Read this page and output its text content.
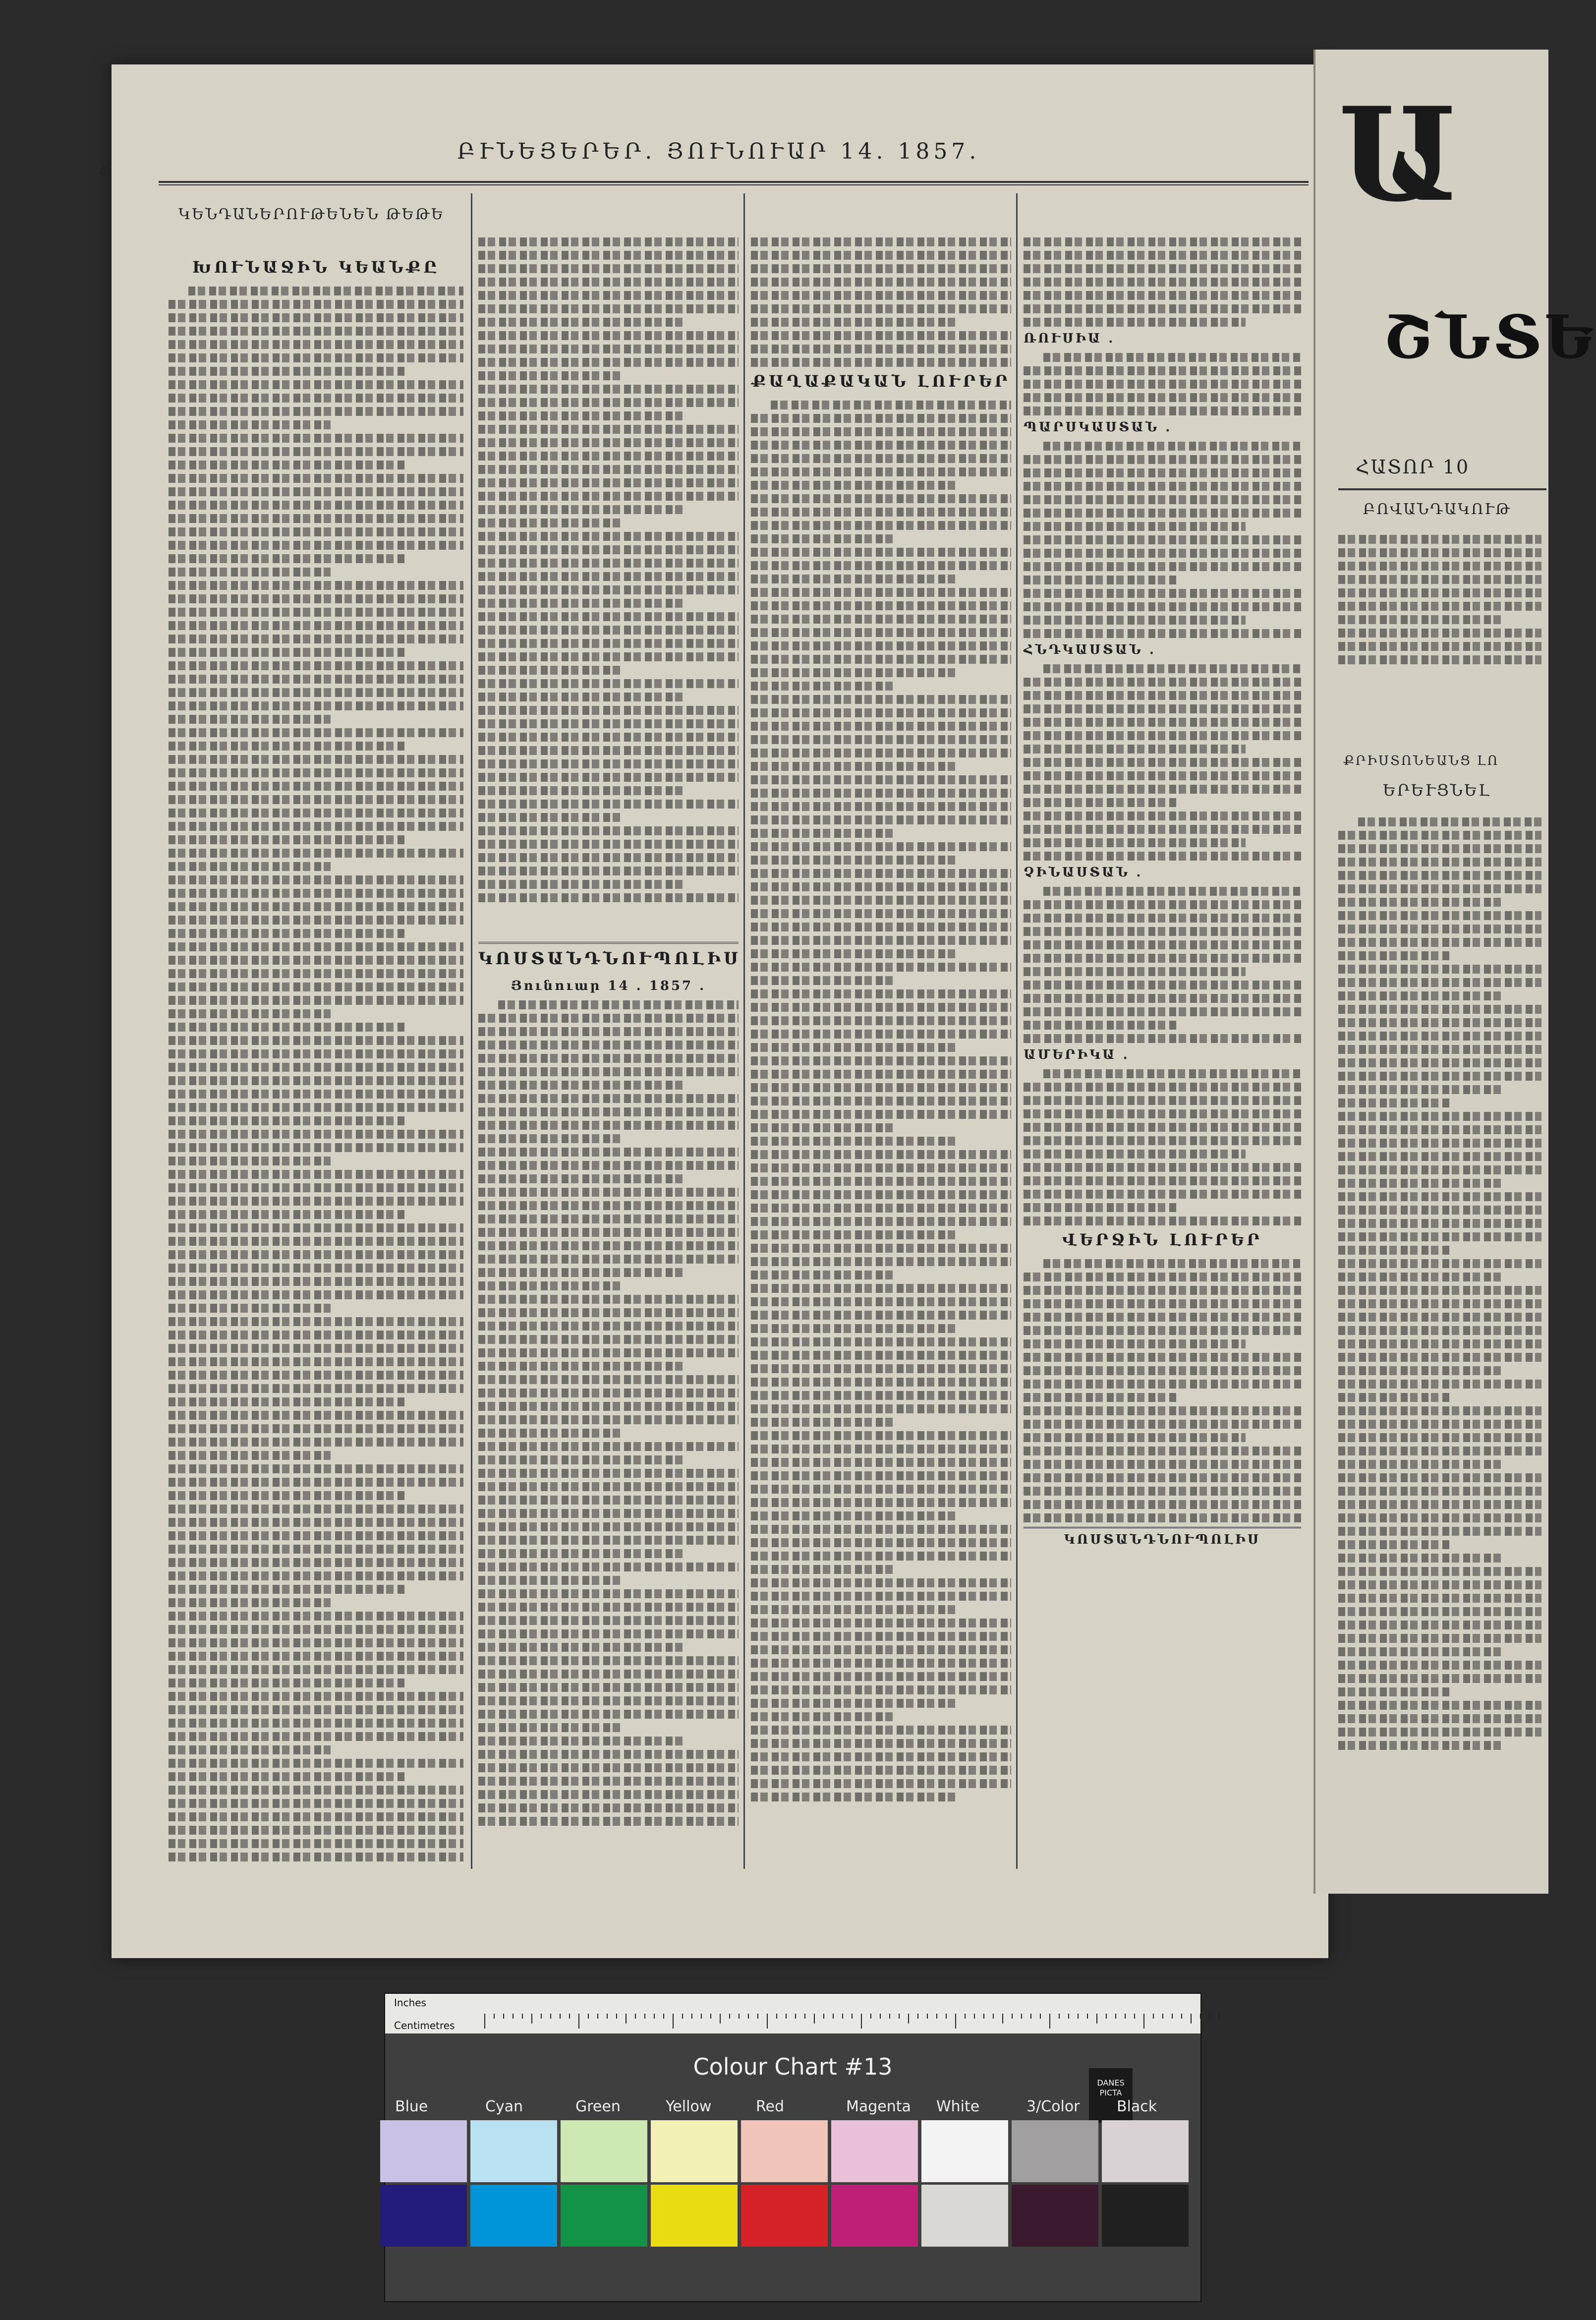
4
ԲՒՆԵՅԵՐԵՐ. ՅՈՒՆՈՒԱՐ 14. 1857.
ԿԵՆԴԱՆԵՐՈՒԹԵՆԵՆ ԹԵԹԵ
ԽՈՒՆԱՋԻՆ ԿԵԱՆՔԸ
ԿՈՍՏԱՆԴՆՈՒՊՈԼԻՍ
Յունուար 14 . 1857 .
ՔԱՂԱՔԱԿԱՆ ԼՈՒՐԵՐ
ՌՈՒՍԻԱ .
ՊԱՐՍԿԱՍՏԱՆ .
ՀՆԴԿԱՍՏԱՆ .
ՉԻՆԱՍՏԱՆ .
ԱՄԵՐԻԿԱ .
ՎԵՐՋԻՆ ԼՈՒՐԵՐ
ԿՈՍՏԱՆԴՆՈՒՊՈԼԻՍ
Ա
ՇՆՏԵ
ՀԱՏՈՐ 10
ԲՈՎԱՆԴԱԿՈՒԹ
ՔՐԻՍՏՈՆԵԱՆՑ ԼՈ
ԵՐԵՒՑՆԵԼ
Inches
Centimetres
Colour Chart #13
DANES PICTA
Blue	Cyan	Green	Yellow	Red	Magenta White	3/Color Black
